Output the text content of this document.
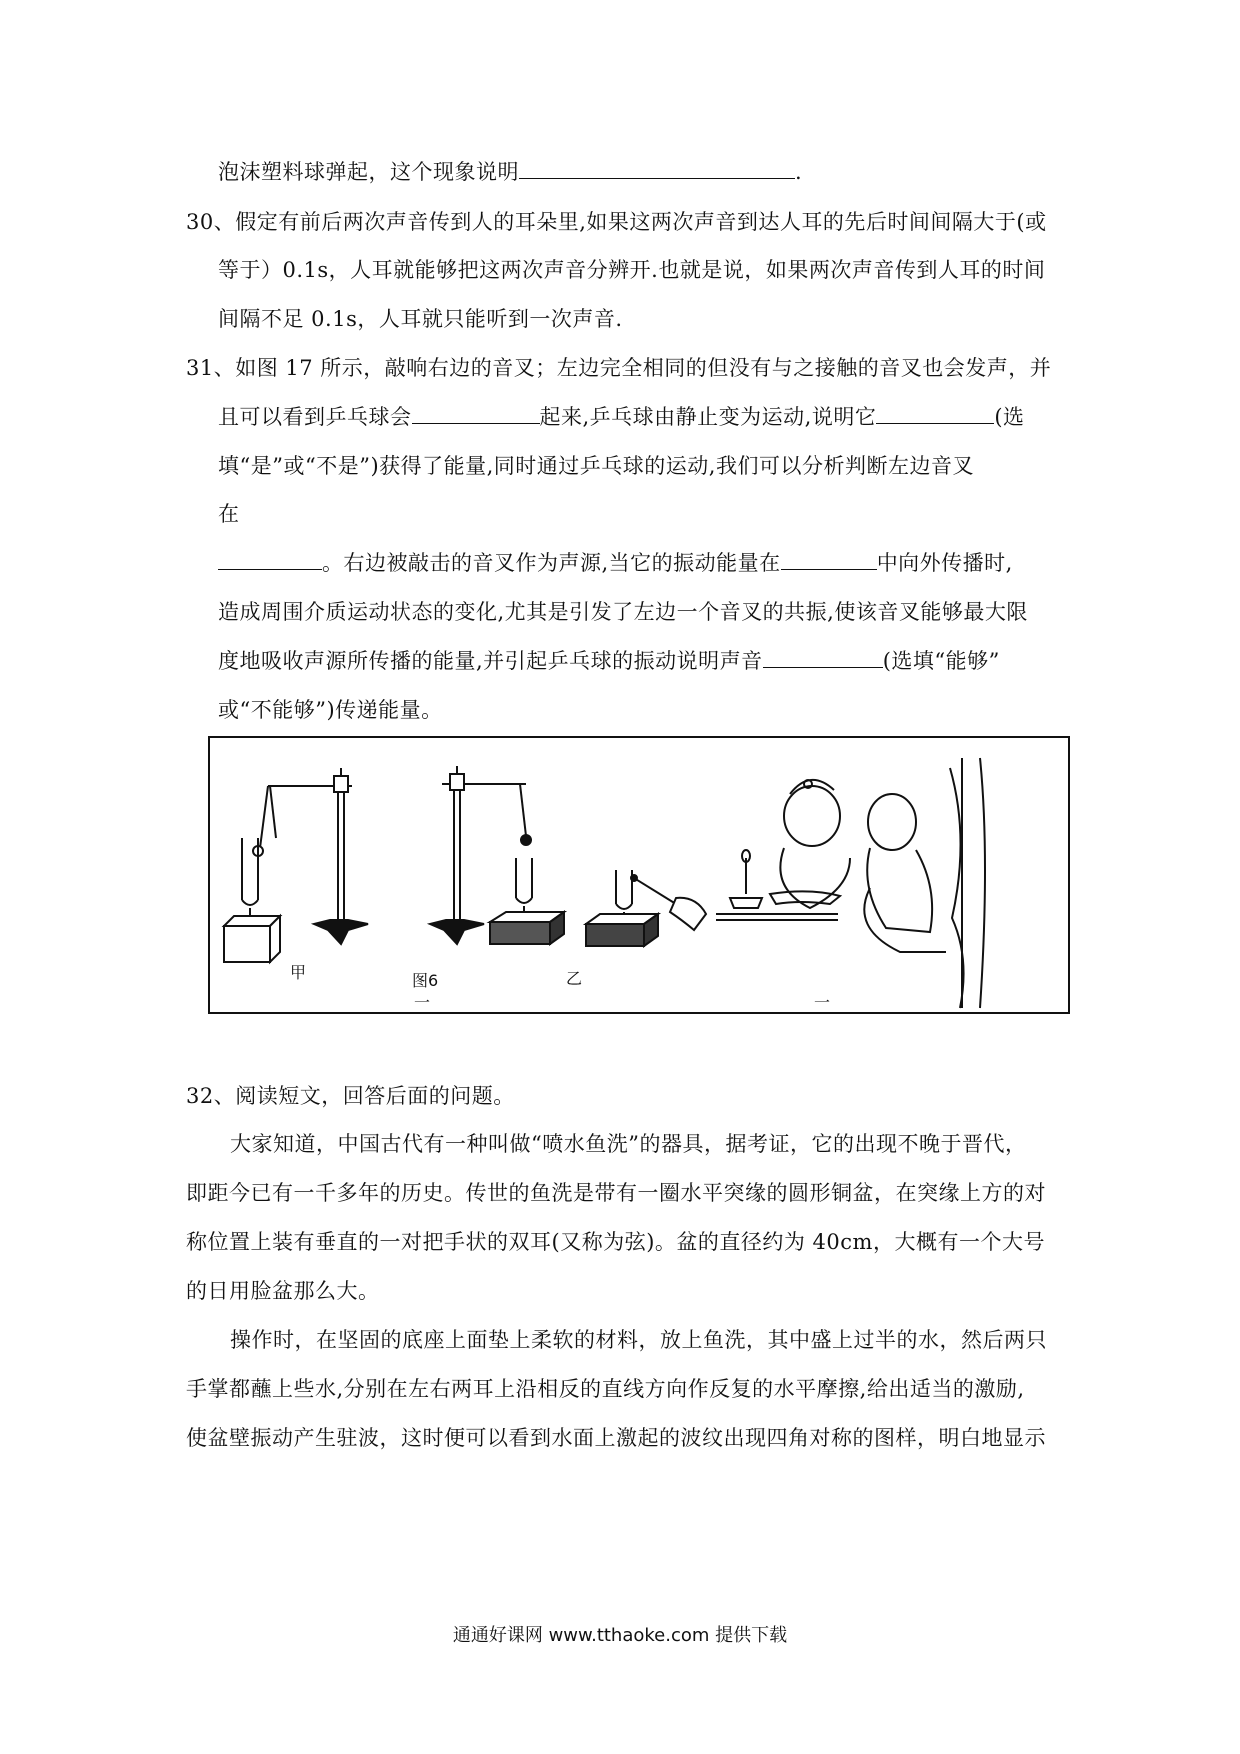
泡沫塑料球弹起，这个现象说明	.
30、假定有前后两次声音传到人的耳朵里,如果这两次声音到达人耳的先后时间间隔大于(或
等于）0.1s，人耳就能够把这两次声音分辨开.也就是说，如果两次声音传到人耳的时间
间隔不足 0.1s，人耳就只能听到一次声音.
31、如图 17 所示，敲响右边的音叉；左边完全相同的但没有与之接触的音叉也会发声，并
且可以看到乒乓球会	起来,乒乓球由静止变为运动,说明它	(选
填“是”或“不是”)获得了能量,同时通过乒乓球的运动,我们可以分析判断左边音叉
在
。右边被敲击的音叉作为声源,当它的振动能量在	中向外传播时,
造成周围介质运动状态的变化,尤其是引发了左边一个音叉的共振,使该音叉能够最大限
度地吸收声源所传播的能量,并引起乒乓球的振动说明声音	(选填“能够”
或“不能够”)传递能量。
甲	图6	乙
一	一
32、阅读短文，回答后面的问题。
大家知道，中国古代有一种叫做“喷水鱼洗”的器具，据考证，它的出现不晚于晋代，
即距今已有一千多年的历史。传世的鱼洗是带有一圈水平突缘的圆形铜盆，在突缘上方的对
称位置上装有垂直的一对把手状的双耳(又称为弦)。盆的直径约为 40cm，大概有一个大号
的日用脸盆那么大。
操作时，在坚固的底座上面垫上柔软的材料，放上鱼洗，其中盛上过半的水，然后两只
手掌都蘸上些水,分别在左右两耳上沿相反的直线方向作反复的水平摩擦,给出适当的激励,
使盆壁振动产生驻波，这时便可以看到水面上激起的波纹出现四角对称的图样，明白地显示
通通好课网 www.tthaoke.com 提供下载
